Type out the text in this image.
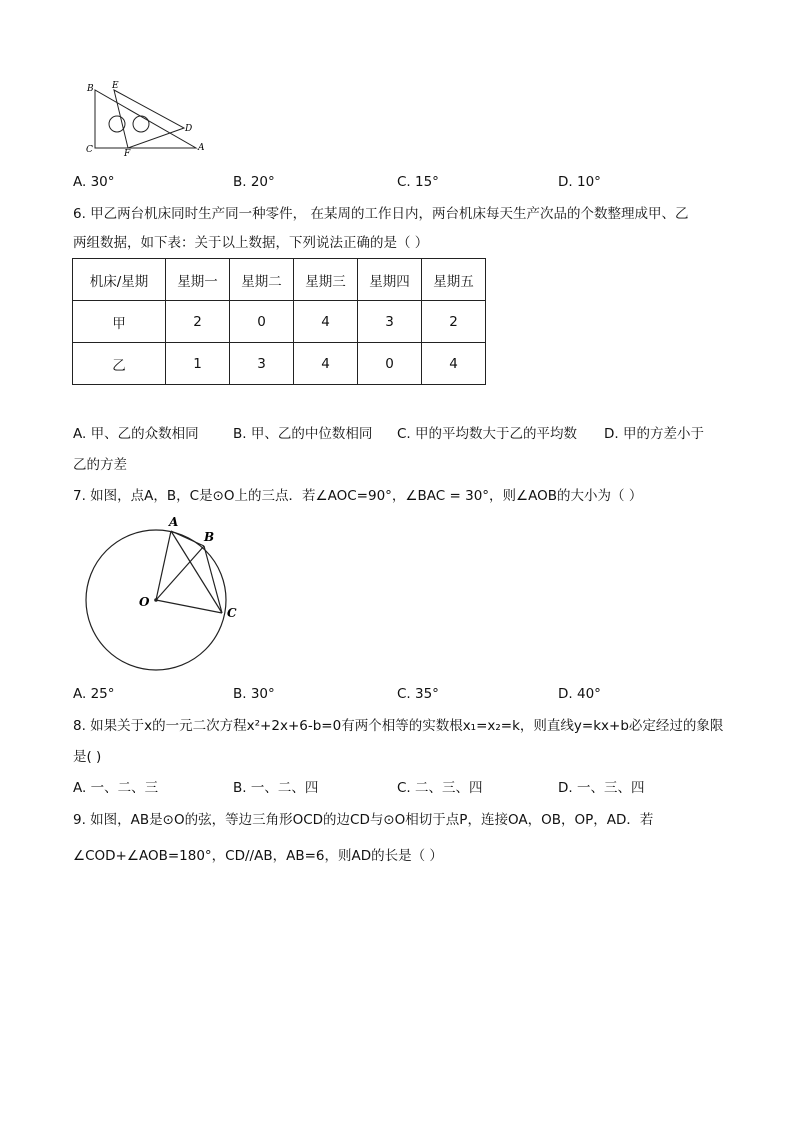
B E
C	F
D
A
A. 30°	B. 20°	C. 15°	D. 10°
6. 甲乙两台机床同时生产同一种零件， 在某周的工作日内，两台机床每天生产次品的个数整理成甲、乙
两组数据，如下表：关于以上数据，下列说法正确的是（ ）
机床/星期	星期一	星期二	星期三	星期四	星期五
甲	2	0	4	3	2
乙	1	3	4	0	4
A. 甲、乙的众数相同	B. 甲、乙的中位数相同 C. 甲的平均数大于乙的平均数 D. 甲的方差小于
乙的方差
7. 如图，点A，B，C是⊙O上的三点．若∠AOC=90°，∠BAC = 30°，则∠AOB的大小为（ ）
A
B
O
C
A. 25°	B. 30°	C. 35°	D. 40°
8. 如果关于x的一元二次方程x²+2x+6-b=0有两个相等的实数根x₁=x₂=k，则直线y=kx+b必定经过的象限
是( )
A. 一、二、三	B. 一、二、四	C. 二、三、四	D. 一、三、四
9. 如图，AB是⊙O的弦，等边三角形OCD的边CD与⊙O相切于点P，连接OA，OB，OP，AD．若
∠COD+∠AOB=180°，CD//AB，AB=6，则AD的长是（ ）
